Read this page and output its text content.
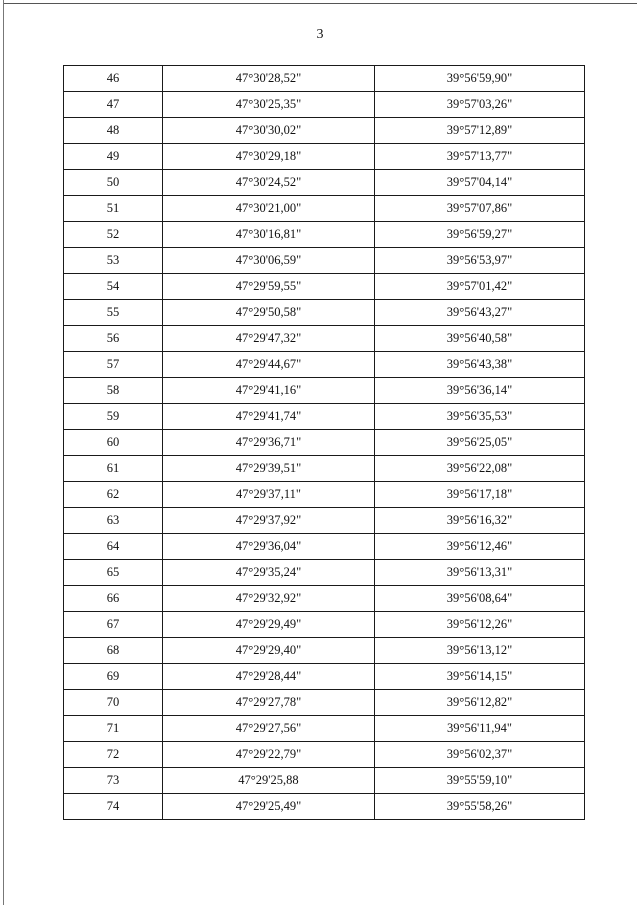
3
46	47°30'28,52"	39°56'59,90"
47	47°30'25,35"	39°57'03,26"
48	47°30'30,02"	39°57'12,89"
49	47°30'29,18"	39°57'13,77"
50	47°30'24,52"	39°57'04,14"
51	47°30'21,00"	39°57'07,86"
52	47°30'16,81"	39°56'59,27"
53	47°30'06,59"	39°56'53,97"
54	47°29'59,55"	39°57'01,42"
55	47°29'50,58"	39°56'43,27"
56	47°29'47,32"	39°56'40,58"
57	47°29'44,67"	39°56'43,38"
58	47°29'41,16"	39°56'36,14"
59	47°29'41,74"	39°56'35,53"
60	47°29'36,71"	39°56'25,05"
61	47°29'39,51"	39°56'22,08"
62	47°29'37,11"	39°56'17,18"
63	47°29'37,92"	39°56'16,32"
64	47°29'36,04"	39°56'12,46"
65	47°29'35,24"	39°56'13,31"
66	47°29'32,92"	39°56'08,64"
67	47°29'29,49"	39°56'12,26"
68	47°29'29,40"	39°56'13,12"
69	47°29'28,44"	39°56'14,15"
70	47°29'27,78"	39°56'12,82"
71	47°29'27,56"	39°56'11,94"
72	47°29'22,79"	39°56'02,37"
73	47°29'25,88	39°55'59,10"
74	47°29'25,49"	39°55'58,26"
